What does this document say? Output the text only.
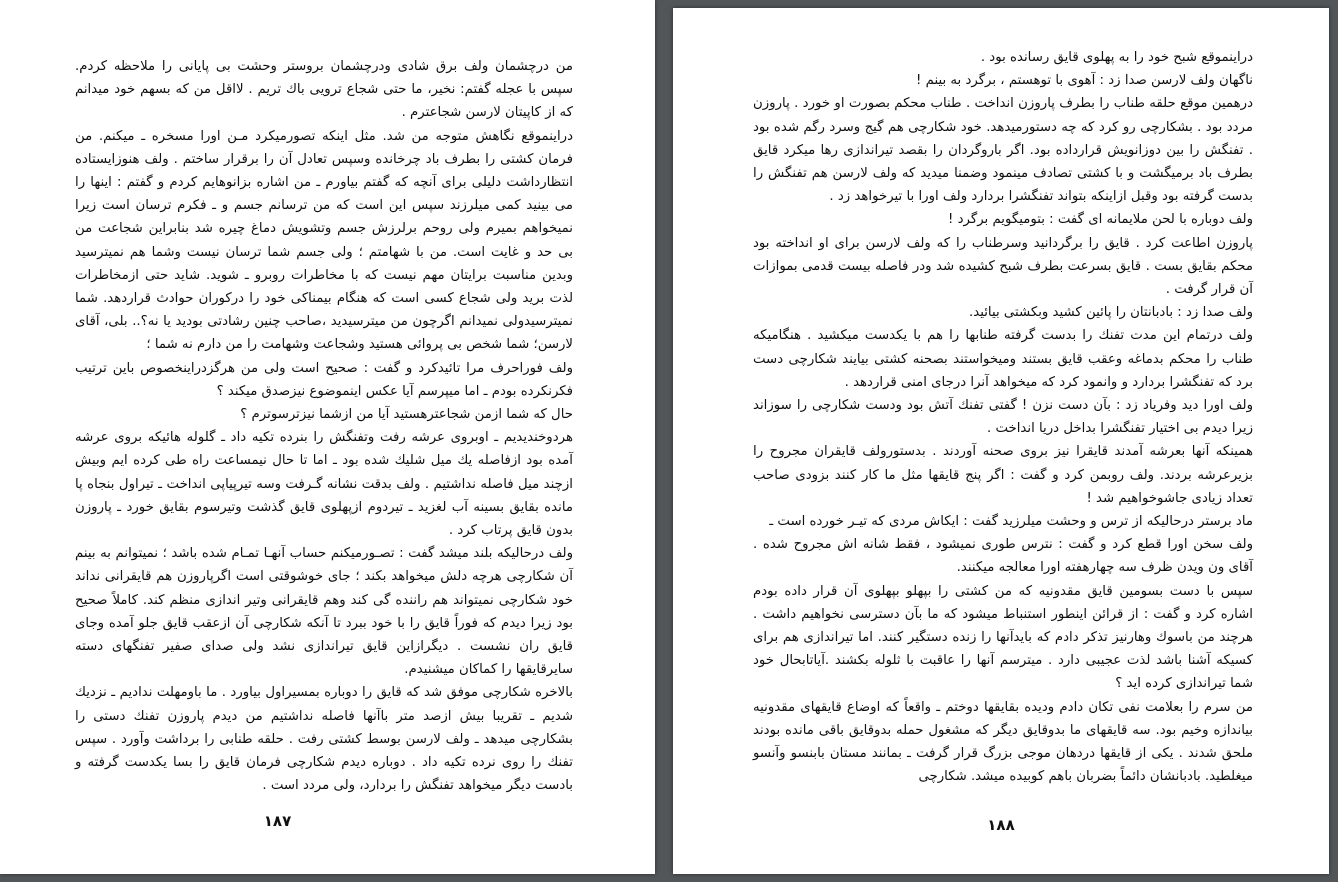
من درچشمان ولف برق شادی ودرچشمان بروستر وحشت بی پایانی را ملاحظه کردم. سپس با عجله گفتم: نخیر، ما حتی شجاع ترویی باك تریم . لااقل من که بسهم خود میدانم که از کاپیتان لارسن شجاعترم .

دراینموقع نگاهش متوجه من شد. مثل اینکه تصورمیکرد مـن اورا مسخره ـ میکنم. من فرمان کشتی را بطرف باد چرخانده وسپس تعادل آن را برقرار ساختم . ولف هنوزایستاده انتظارداشت دلیلی برای آنچه که گفتم بیاورم ـ من اشاره بزانوهایم کردم و گفتم : اینها را می بینید کمی میلرزند سپس این است که من ترسانم جسم و ـ فکرم ترسان است زیرا نمیخواهم بمیرم ولی روحم برلرزش جسم وتشویش دماغ چیره شد بنابراین شجاعت من بی حد و غایت است. من با شهامتم ؛ ولی جسم شما ترسان نیست وشما هم نمیترسید وبدین مناسبت برایتان مهم نیست که با مخاطرات روبرو ـ شوید. شاید حتی ازمخاطرات لذت برید ولی شجاع کسی است که هنگام بیمناکی خود را درکوران حوادث قراردهد. شما نمیترسیدولی نمیدانم اگرچون من میترسیدید ،صاحب چنین رشادتی بودید یا نه؟.. بلی، آقای لارسن؛ شما شخص بی پروائی هستید وشجاعت وشهامت را من دارم نه شما ؛

ولف فوراحرف مرا تائیدکرد و گفت : صحیح است ولی من هرگزدراینخصوص باین ترتیب فکرنکرده بودم ـ اما میپرسم آیا عکس اینموضوع نیزصدق میکند ؟

حال که شما ازمن شجاعترهستید آیا من ازشما نیزترسوترم ؟

هردوخندیدیم ـ اوبروی عرشه رفت وتفنگش را بنرده تکیه داد ـ گلوله هائیکه بروی عرشه آمده بود ازفاصله یك میل شلیك شده بود ـ اما تا حال نیمساعت راه طی کرده ایم وبیش ازچند میل فاصله نداشتیم . ولف بدقت نشانه گـرفت وسه تیرپیاپی انداخت ـ تیراول بنجاه پا مانده بقایق بسینه آب لغزید ـ تیردوم ازپهلوی قایق گذشت وتیرسوم بقایق خورد ـ پاروزن بدون قایق پرتاب کرد .

ولف درحالیکه بلند میشد گفت : تصـورمیکنم حساب آنهـا تمـام شده باشد ؛ نمیتوانم به بینم آن شکارچی هرچه دلش میخواهد بکند ؛ جای خوشوقتی است اگرپاروزن هم قایقرانی نداند خود شکارچی نمیتواند هم راننده گی کند وهم قایقرانی وتیر اندازی منظم کند. کاملاً صحیح بود زیرا دیدم که فوراً قایق را با خود ببرد تا آنکه شکارچی آن ازعقب قایق جلو آمده وجای قایق ران نشست . دیگرازاین قایق تیراندازی نشد ولی صدای صفیر تفنگهای دسته سایرقایقها را کماکان میشنیدم.

بالاخره شکارچی موفق شد که قایق را دوباره بمسیراول بیاورد . ما باومهلت ندادیم ـ نزدیك شدیم ـ تقریبا بیش ازصد متر باآنها فاصله نداشتیم من دیدم پاروزن تفنك دستی را بشکارچی میدهد ـ ولف لارسن بوسط کشتی رفت . حلقه طنابی را برداشت وآورد . سپس تفنك را روی نرده تکیه داد . دوباره دیدم شکارچی فرمان قایق را بسا یکدست گرفته و بادست دیگر میخواهد تفنگش را بردارد، ولی مردد است .

۱۸۷

دراینموقع شبح خود را به پهلوی قایق رسانده بود .

ناگهان ولف لارسن صدا زد : آهوی با توهستم ، برگرد به بینم !

درهمین موقع حلقه طناب را بطرف پاروزن انداخت . طناب محکم بصورت او خورد . پاروزن مردد بود . بشکارچی رو کرد که چه دستورمیدهد. خود شکارچی هم گیج وسرد رگم شده بود . تفنگش را بین دوزانویش قرارداده بود. اگر باروگردان را بقصد تیراندازی رها میکرد قایق بطرف باد برمیگشت و با کشتی تصادف مینمود وضمنا میدید که ولف لارسن هم تفنگش را بدست گرفته بود وقبل ازاینکه بتواند تفنگشرا بردارد ولف اورا با تیرخواهد زد .

ولف دوباره با لحن ملایمانه ای گفت : بتومیگویم برگرد !

پاروزن اطاعت کرد . قایق را برگردانید وسرطناب را که ولف لارسن برای او انداخته بود محکم بقایق بست . قایق بسرعت بطرف شبح کشیده شد ودر فاصله بیست قدمی بموازات آن قرار گرفت .

ولف صدا زد : بادبانتان را پائین کشید وبکشتی بیائید.

ولف درتمام این مدت تفنك را بدست گرفته طنابها را هم با یکدست میکشید . هنگامیکه طناب را محکم بدماغه وعقب قایق بستند ومیخواستند بصحنه کشتی بیایند شکارچی دست برد که تفنگشرا بردارد و وانمود کرد که میخواهد آنرا درجای امنی قراردهد .

ولف اورا دید وفریاد زد : بآن دست نزن ! گفتی تفنك آتش بود ودست شکارچی را سوزاند زیرا دیدم بی اختیار تفنگشرا بداخل دریا انداخت .

همینکه آنها بعرشه آمدند قایقرا نیز بروی صحنه آوردند . بدستورولف قایقران مجروح را بزیرعرشه بردند. ولف روبمن کرد و گفت : اگر پنج قایقها مثل ما کار کنند بزودی صاحب تعداد زیادی جاشوخواهیم شد !

ماد برستر درحالیکه از ترس و وحشت میلرزید گفت : ایکاش مردی که تیـر خورده است ـ

ولف سخن اورا قطع کرد و گفت : نترس طوری نمیشود ، فقط شانه اش مجروح شده . آقای ون ویدن ظرف سه چهارهفته اورا معالجه میکنند.

سپس با دست بسومین قایق مقدونیه که من کشتی را بپهلو بپهلوی آن قرار داده بودم اشاره کرد و گفت : از قرائن اینطور استنباط میشود که ما بآن دسترسی نخواهیم داشت . هرچند من باسوك وهارنیز تذکر دادم که بایدآنها را زنده دستگیر کنند. اما تیراندازی هم برای کسیکه آشنا باشد لذت عجیبی دارد . میترسم آنها را عاقبت با ثلوله بکشند .آیاتابحال خود شما تیراندازی کرده اید ؟

من سرم را بعلامت نفی تکان دادم ودیده بقایقها دوختم ـ واقعاً که اوضاع قایقهای مقدونیه بیاندازه وخیم بود. سه قایقهای ما بدوقایق دیگر که مشغول حمله بدوقایق باقی مانده بودند ملحق شدند . یکی از قایقها دردهان موجی بزرگ قرار گرفت ـ بمانند مستان بابنسو وآنسو میغلطید. بادبانشان دائماً بضربان باهم کوبیده میشد. شکارچی

۱۸۸
